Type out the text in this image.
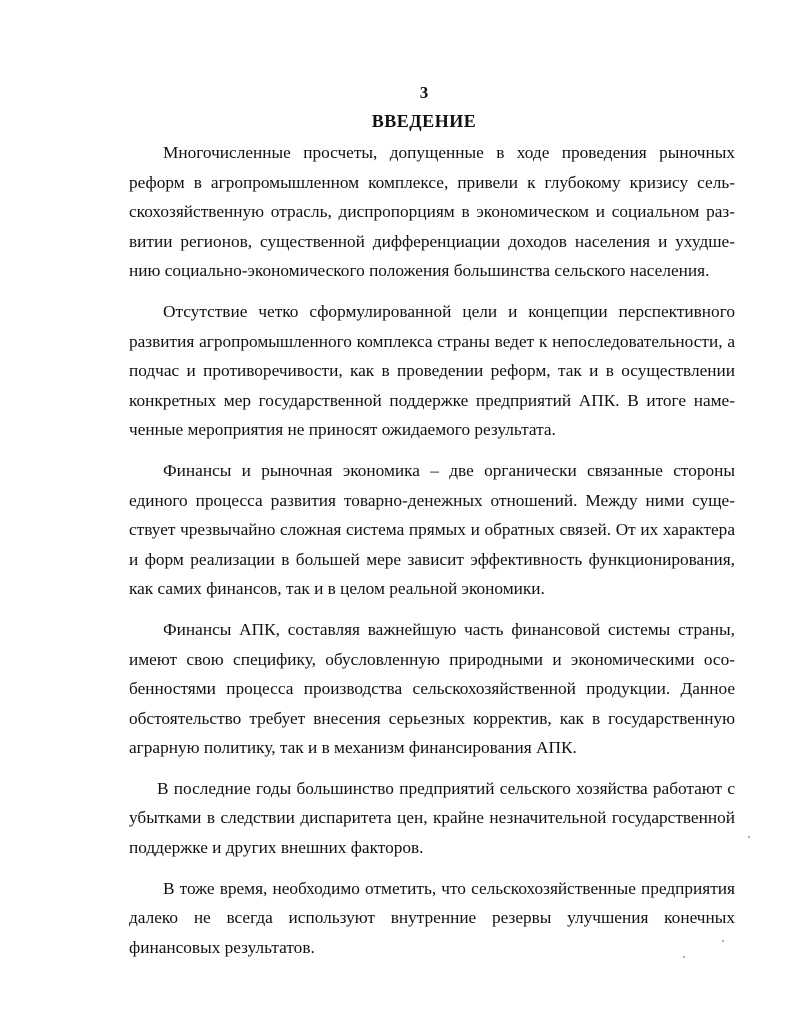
3
ВВЕДЕНИЕ

Многочисленные просчеты, допущенные в ходе проведения рыночных реформ в агропромышленном комплексе, привели к глубокому кризису сельскохозяйственную отрасль, диспропорциям в экономическом и социальном развитии регионов, существенной дифференциации доходов населения и ухудшению социально-экономического положения большинства сельского населения.

Отсутствие четко сформулированной цели и концепции перспективного развития агропромышленного комплекса страны ведет к непоследовательности, а подчас и противоречивости, как в проведении реформ, так и в осуществлении конкретных мер государственной поддержке предприятий АПК. В итоге намеченные мероприятия не приносят ожидаемого результата.

Финансы и рыночная экономика – две органически связанные стороны единого процесса развития товарно-денежных отношений. Между ними существует чрезвычайно сложная система прямых и обратных связей. От их характера и форм реализации в большей мере зависит эффективность функционирования, как самих финансов, так и в целом реальной экономики.

Финансы АПК, составляя важнейшую часть финансовой системы страны, имеют свою специфику, обусловленную природными и экономическими особенностями процесса производства сельскохозяйственной продукции. Данное обстоятельство требует внесения серьезных корректив, как в государственную аграрную политику, так и в механизм финансирования АПК.

В последние годы большинство предприятий сельского хозяйства работают с убытками в следствии диспаритета цен, крайне незначительной государственной поддержке и других внешних факторов.

В тоже время, необходимо отметить, что сельскохозяйственные предприятия далеко не всегда используют внутренние резервы улучшения конечных финансовых результатов.
